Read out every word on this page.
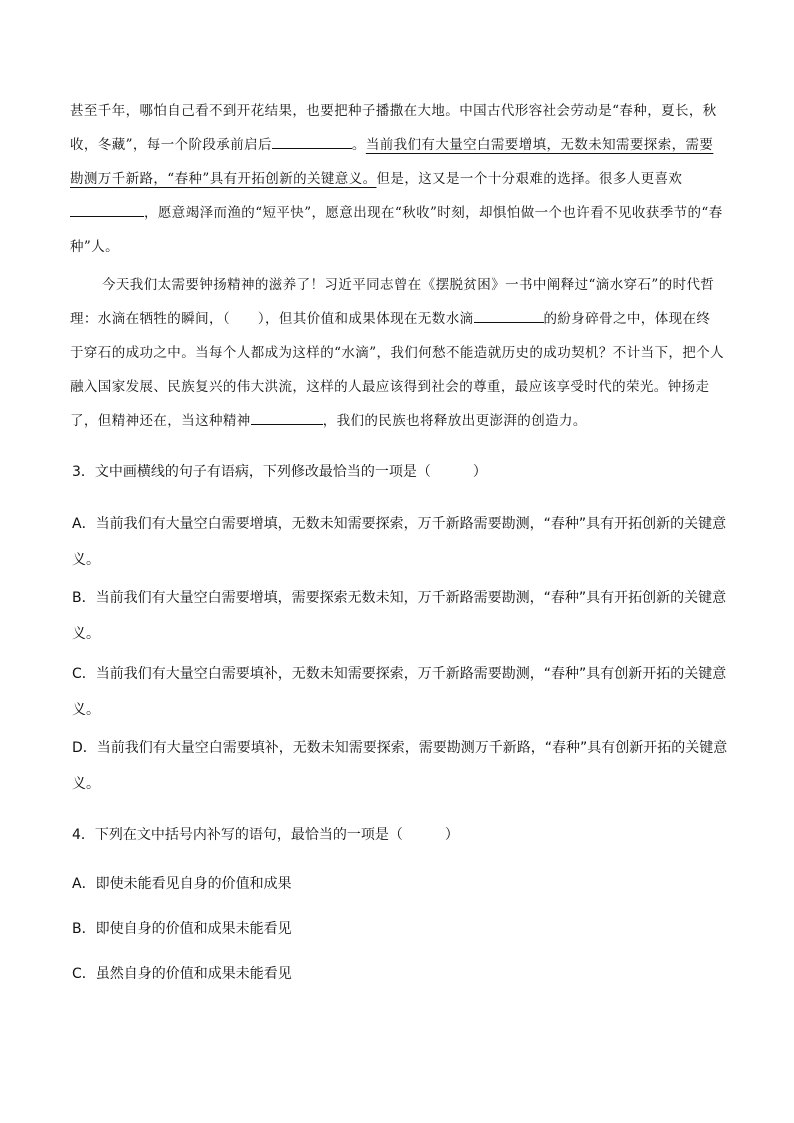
甚至千年，哪怕自己看不到开花结果，也要把种子播撒在大地。中国古代形容社会劳动是“春种，夏长，秋收，冬藏”，每一个阶段承前启后	。当前我们有大量空白需要增填，无数未知需要探索，需要勘测万千新路，“春种”具有开拓创新的关键意义。但是，这又是一个十分艰难的选择。很多人更喜欢，愿意竭泽而渔的“短平快”，愿意出现在“秋收”时刻，却惧怕做一个也许看不见收获季节的“春种”人。

今天我们太需要钟扬精神的滋养了！习近平同志曾在《摆脱贫困》一书中阐释过“滴水穿石”的时代哲理：水滴在牺牲的瞬间，（　　），但其价值和成果体现在无数水滴	的紛身碎骨之中，体现在终于穿石的成功之中。当每个人都成为这样的“水滴”，我们何愁不能造就历史的成功契机？不计当下，把个人融入国家发展、民族复兴的伟大洪流，这样的人最应该得到社会的尊重，最应该享受时代的荣光。钟扬走了，但精神还在，当这种精神	，我们的民族也将释放出更澎湃的创造力。

3．文中画横线的句子有语病，下列修改最恰当的一项是（　　　）

A．当前我们有大量空白需要增填，无数未知需要探索，万千新路需要勘测，“春种”具有开拓创新的关键意义。

B．当前我们有大量空白需要增填，需要探索无数未知，万千新路需要勘测，“春种”具有开拓创新的关键意义。

C．当前我们有大量空白需要填补，无数未知需要探索，万千新路需要勘测，“春种”具有创新开拓的关键意义。

D．当前我们有大量空白需要填补，无数未知需要探索，需要勘测万千新路，“春种”具有创新开拓的关键意义。

4．下列在文中括号内补写的语句，最恰当的一项是（　　　）

A．即使未能看见自身的价值和成果

B．即使自身的价值和成果未能看见

C．虽然自身的价值和成果未能看见
